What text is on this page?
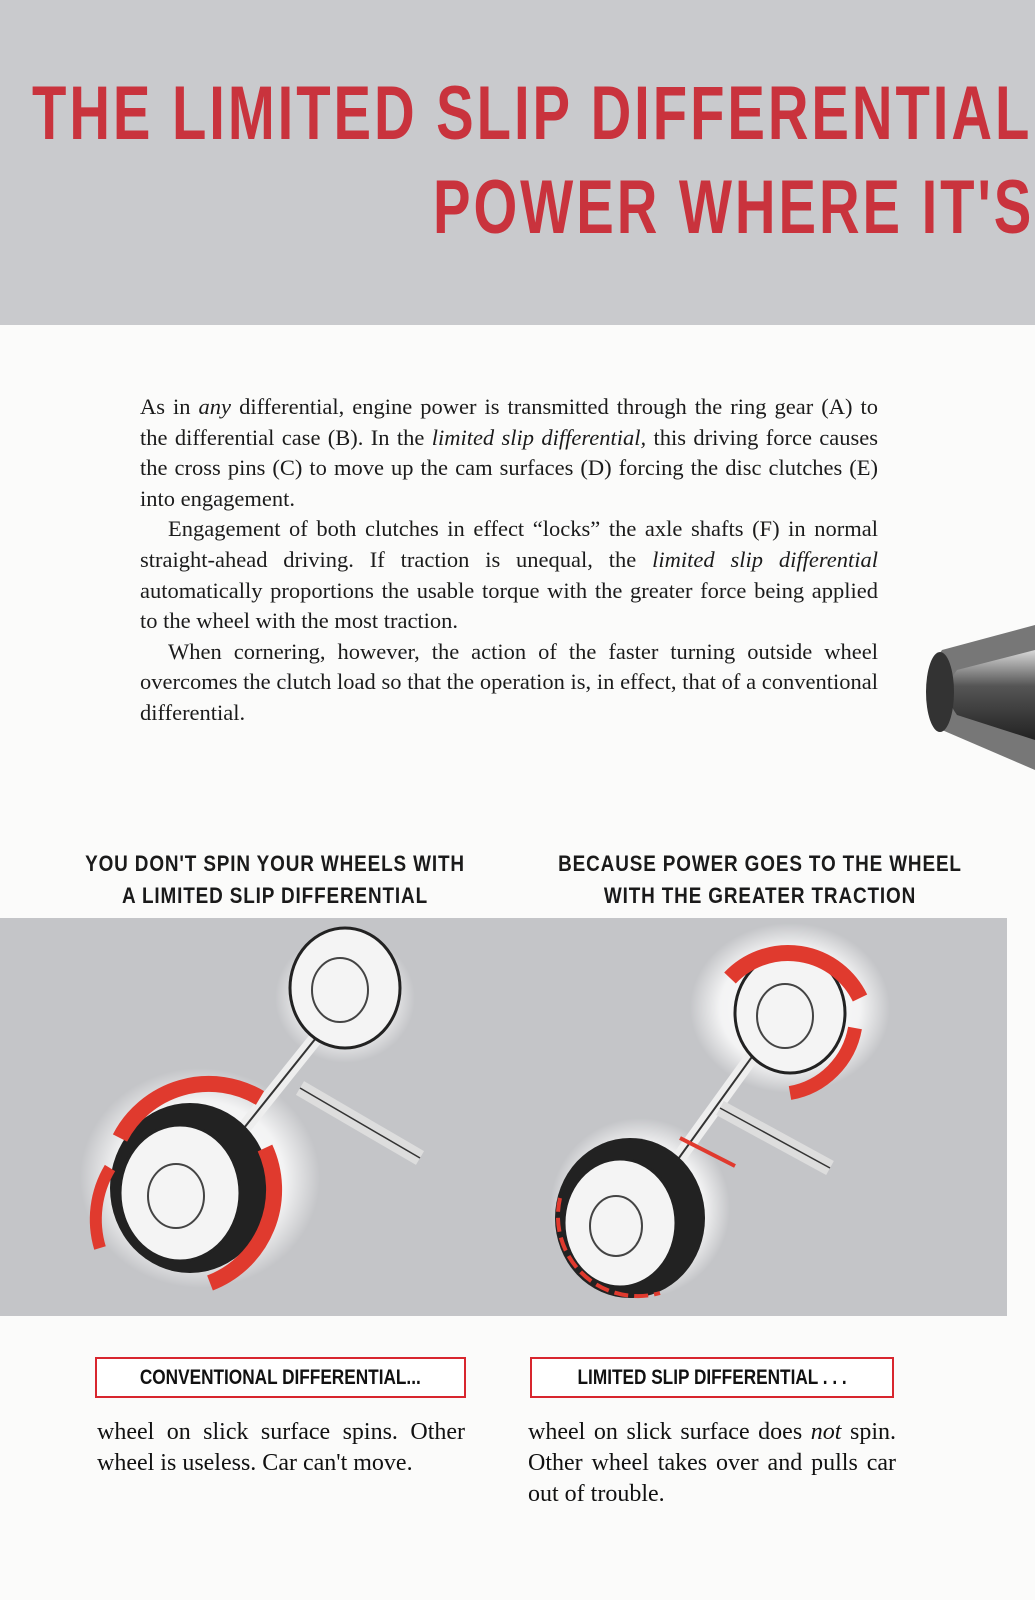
THE LIMITED SLIP DIFFERENTIAL
POWER WHERE IT'S

As in any differential, engine power is transmitted through the ring gear (A) to the differential case (B). In the limited slip differential, this driving force causes the cross pins (C) to move up the cam surfaces (D) forcing the disc clutches (E) into engagement.

Engagement of both clutches in effect “locks” the axle shafts (F) in normal straight-ahead driving. If traction is unequal, the limited slip differential automatically proportions the usable torque with the greater force being applied to the wheel with the most traction.

When cornering, however, the action of the faster turning outside wheel overcomes the clutch load so that the operation is, in effect, that of a conventional differential.

YOU DON'T SPIN YOUR WHEELS WITH
A LIMITED SLIP DIFFERENTIAL
BECAUSE POWER GOES TO THE WHEEL
WITH THE GREATER TRACTION
CONVENTIONAL DIFFERENTIAL...	LIMITED SLIP DIFFERENTIAL . . .
wheel on slick surface spins. Other wheel is useless. Car can't move.
wheel on slick surface does not spin. Other wheel takes over and pulls car out of trouble.
